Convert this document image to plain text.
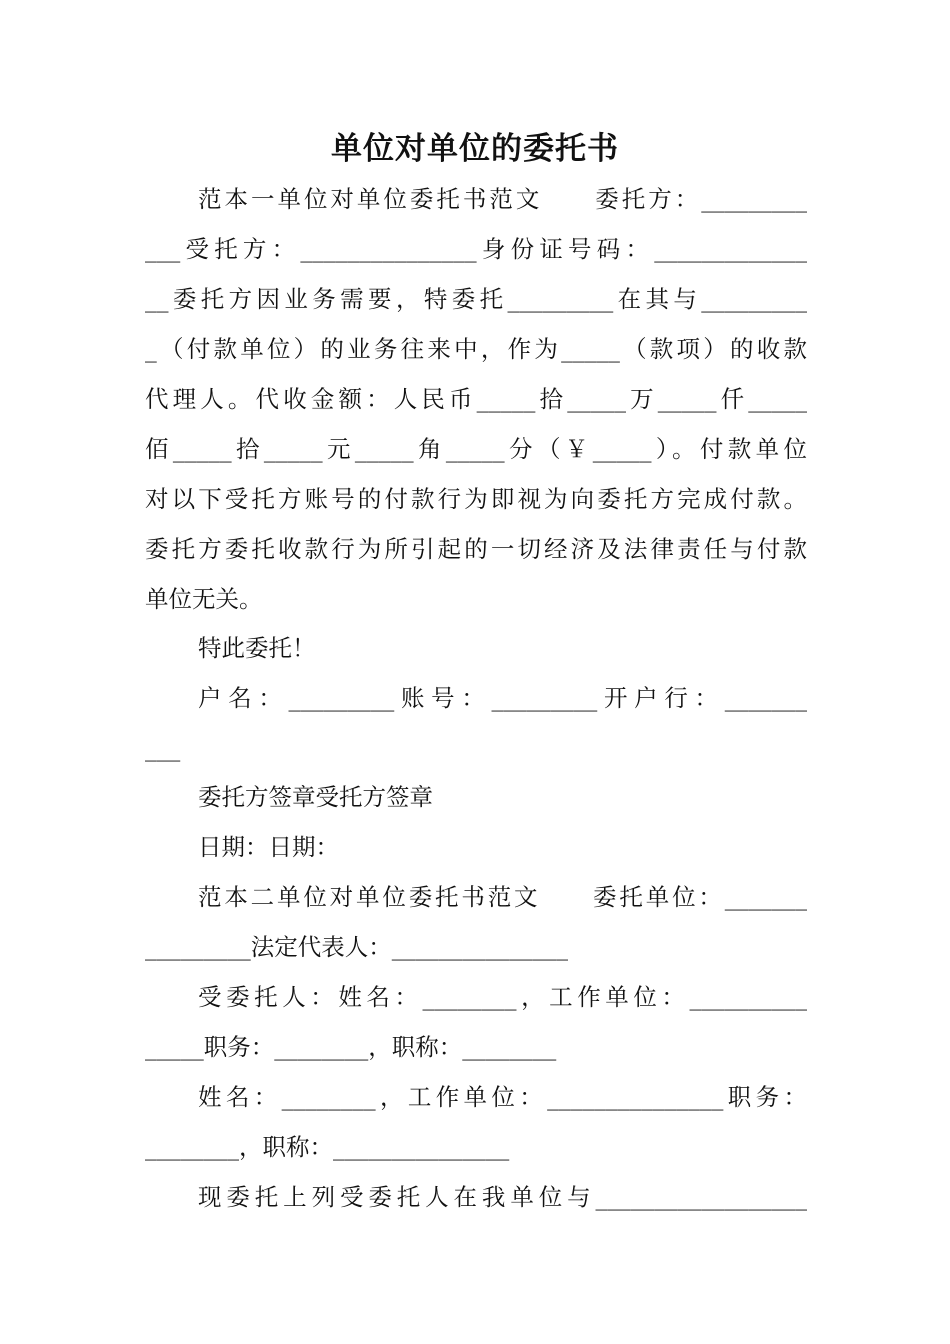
单位对单位的委托书
范本一单位对单位委托书范文　　委托方：_________
___受托方：_______________身份证号码：_____________
__委托方因业务需要，特委托_________在其与_________
_（付款单位）的业务往来中，作为_____（款项）的收款
代理人。代收金额：人民币_____拾_____万_____仟_____
佰_____拾_____元_____角_____分（￥_____）。付款单位
对以下受托方账号的付款行为即视为向委托方完成付款。
委托方委托收款行为所引起的一切经济及法律责任与付款
单位无关。
特此委托！
户名：_________账号：_________开户行：_______
___
委托方签章受托方签章
日期：日期：
范本二单位对单位委托书范文　　委托单位：_______
_________法定代表人：_______________
受委托人：姓名：________，工作单位：__________
_____职务：________，职称：________
姓名：________，工作单位：_______________职务：
________，职称：_______________
现委托上列受委托人在我单位与__________________
